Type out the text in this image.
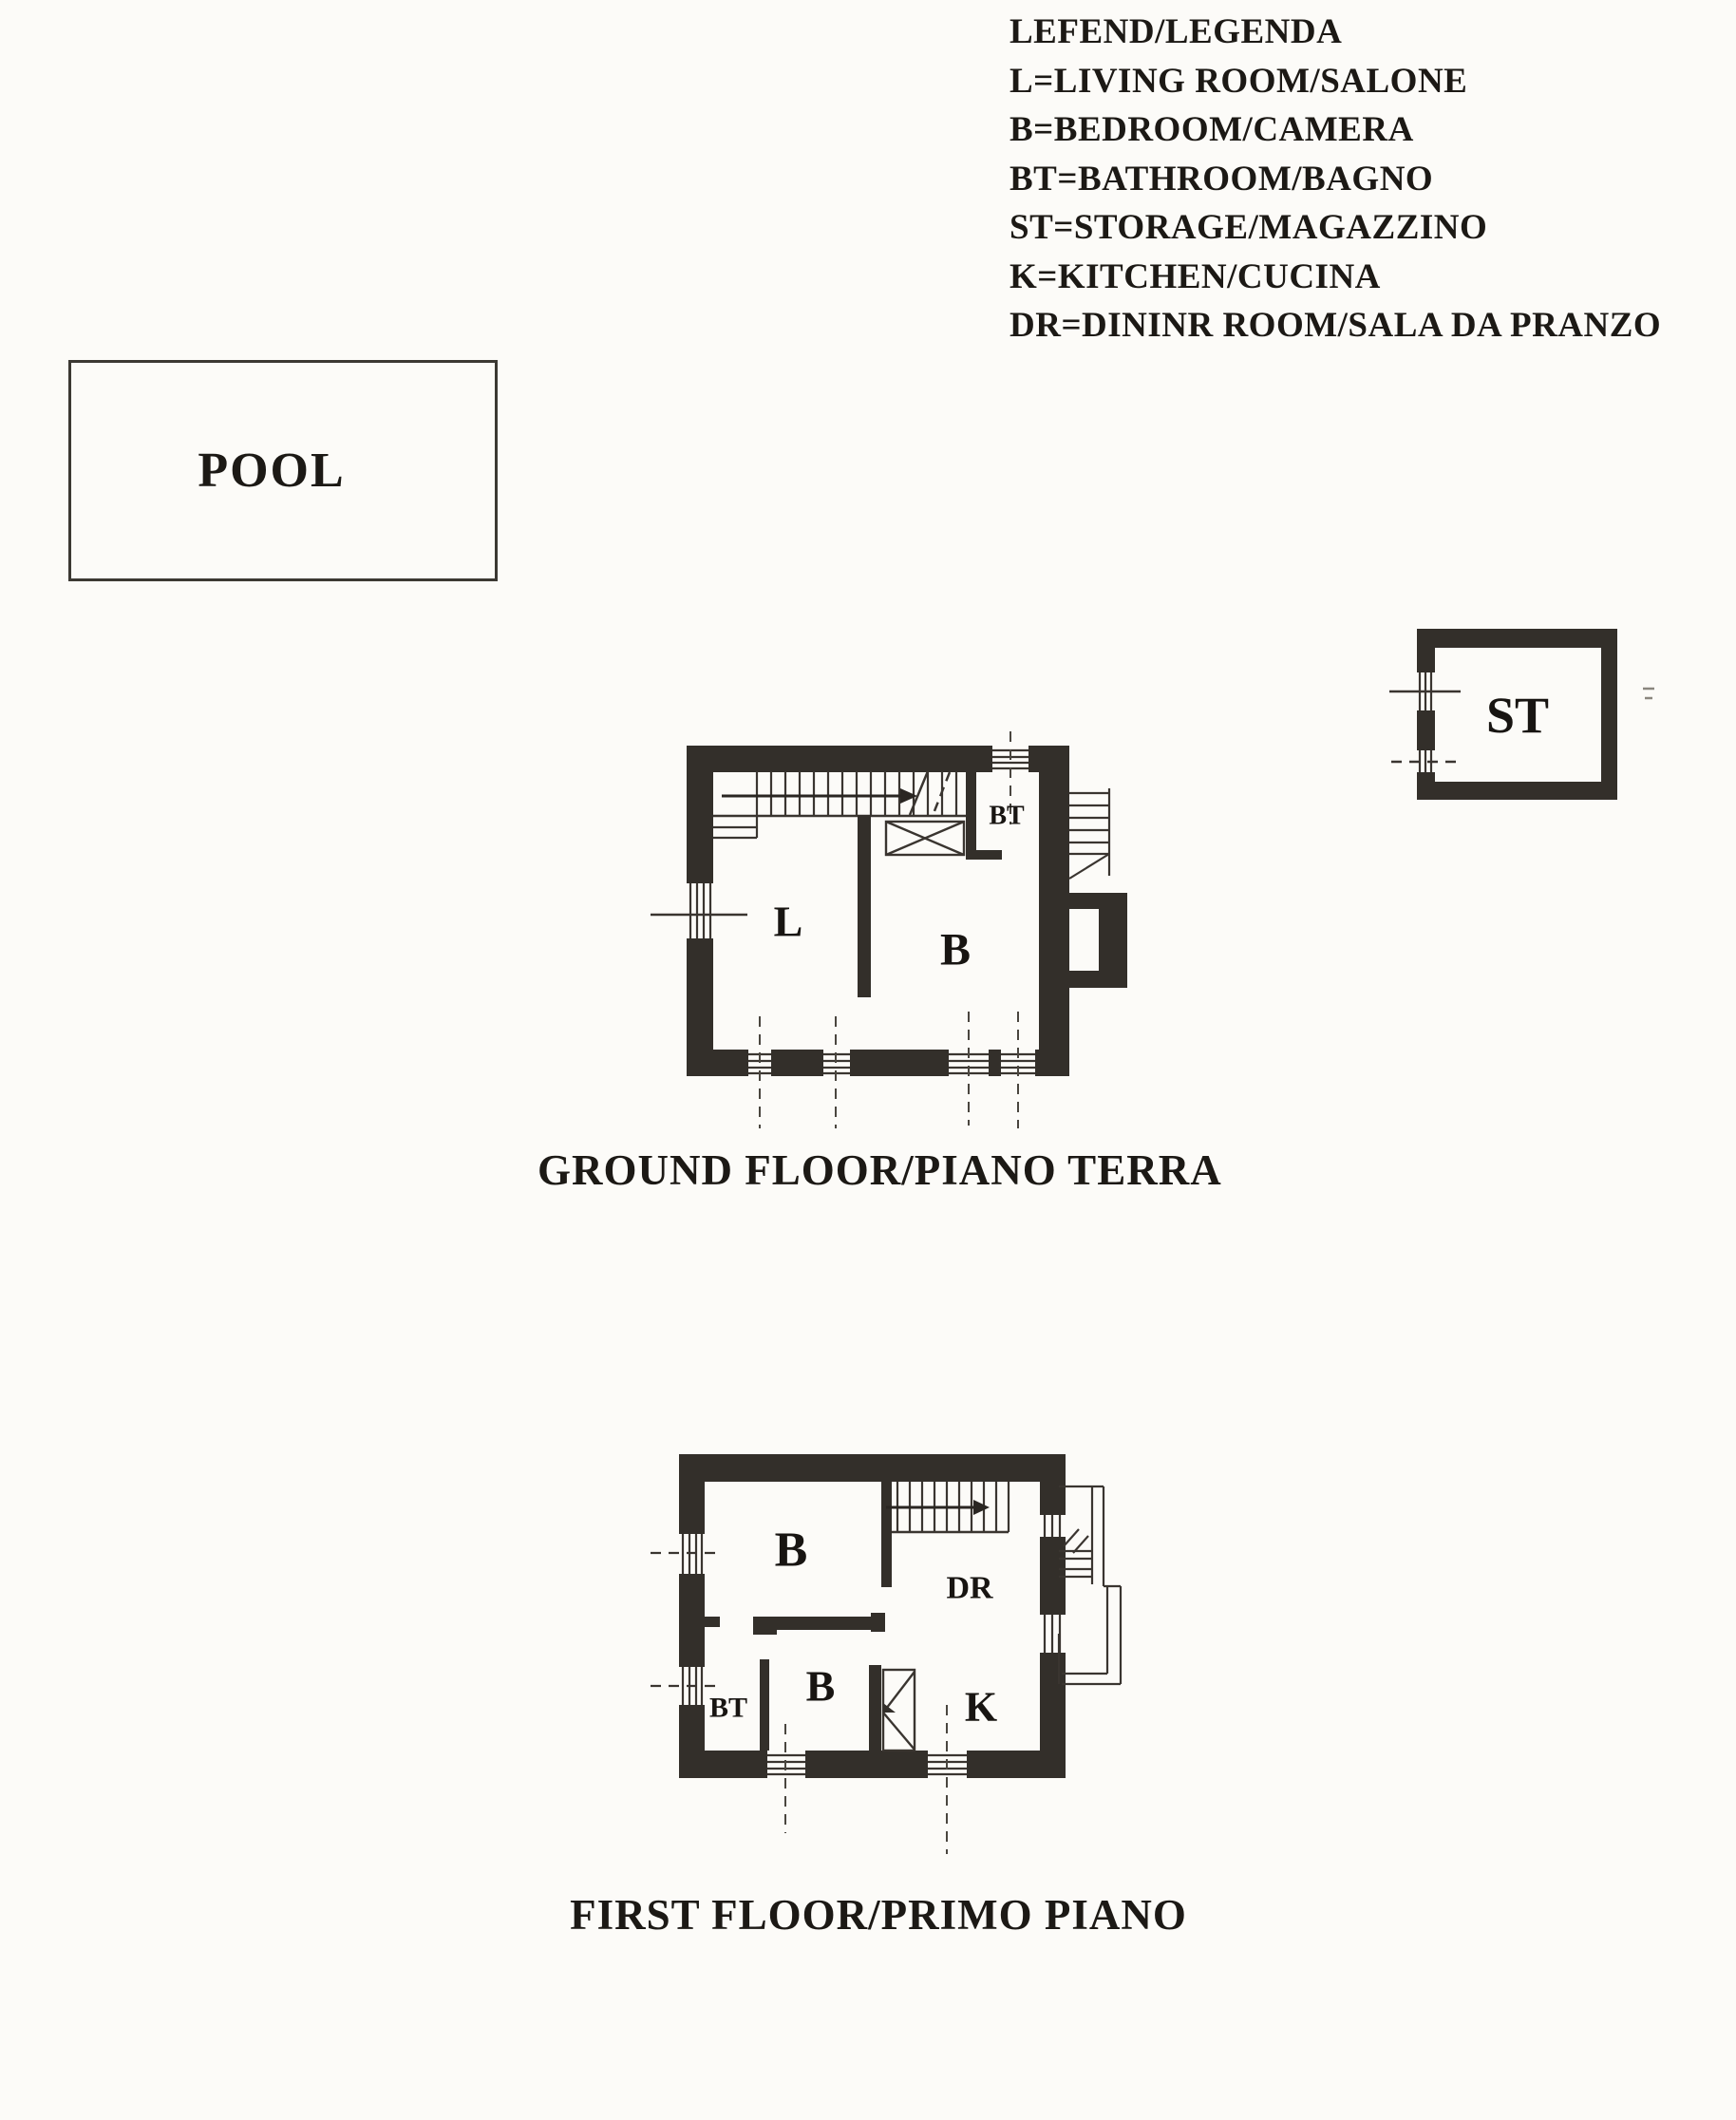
LEFEND/LEGENDA
L=LIVING ROOM/SALONE
B=BEDROOM/CAMERA
BT=BATHROOM/BAGNO
ST=STORAGE/MAGAZZINO
K=KITCHEN/CUCINA
DR=DININR ROOM/SALA DA PRANZO
POOL
ST
L
B
BT
GROUND FLOOR/PIANO TERRA
B
DR
BT B	K
FIRST FLOOR/PRIMO PIANO
